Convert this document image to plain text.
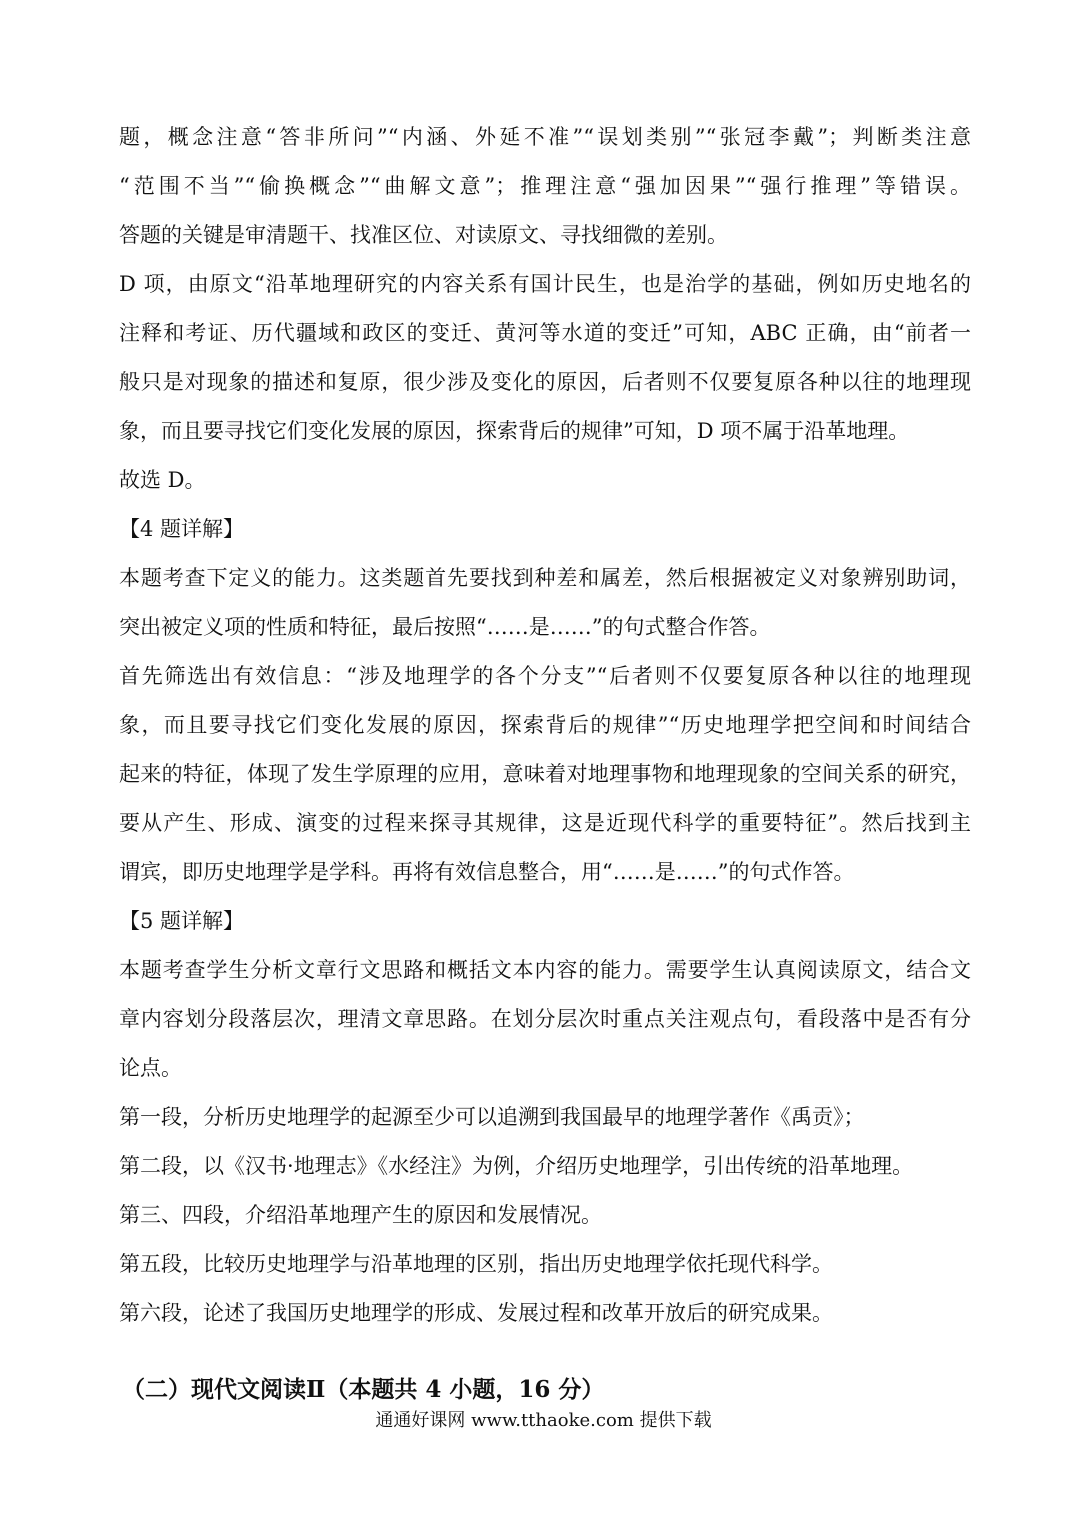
题，概念注意“答非所问”“内涵、外延不准”“误划类别”“张冠李戴”；判断类注意
“范围不当”“偷换概念”“曲解文意”；推理注意“强加因果”“强行推理”等错误。
答题的关键是审清题干、找准区位、对读原文、寻找细微的差别。
D 项，由原文“沿革地理研究的内容关系有国计民生，也是治学的基础，例如历史地名的
注释和考证、历代疆域和政区的变迁、黄河等水道的变迁”可知，ABC 正确，由“前者一
般只是对现象的描述和复原，很少涉及变化的原因，后者则不仅要复原各种以往的地理现
象，而且要寻找它们变化发展的原因，探索背后的规律”可知，D 项不属于沿革地理。
故选 D。
【4 题详解】
本题考查下定义的能力。这类题首先要找到种差和属差，然后根据被定义对象辨别助词，
突出被定义项的性质和特征，最后按照“……是……”的句式整合作答。
首先筛选出有效信息：“涉及地理学的各个分支”“后者则不仅要复原各种以往的地理现
象，而且要寻找它们变化发展的原因，探索背后的规律”“历史地理学把空间和时间结合
起来的特征，体现了发生学原理的应用，意味着对地理事物和地理现象的空间关系的研究，
要从产生、形成、演变的过程来探寻其规律，这是近现代科学的重要特征”。然后找到主
谓宾，即历史地理学是学科。再将有效信息整合，用“……是……”的句式作答。
【5 题详解】
本题考查学生分析文章行文思路和概括文本内容的能力。需要学生认真阅读原文，结合文
章内容划分段落层次，理清文章思路。在划分层次时重点关注观点句，看段落中是否有分
论点。
第一段，分析历史地理学的起源至少可以追溯到我国最早的地理学著作《禹贡》；
第二段，以《汉书·地理志》《水经注》为例，介绍历史地理学，引出传统的沿革地理。
第三、四段，介绍沿革地理产生的原因和发展情况。
第五段，比较历史地理学与沿革地理的区别，指出历史地理学依托现代科学。
第六段，论述了我国历史地理学的形成、发展过程和改革开放后的研究成果。
（二）现代文阅读Ⅱ（本题共 4 小题，16 分）
通通好课网 www.tthaoke.com 提供下载
